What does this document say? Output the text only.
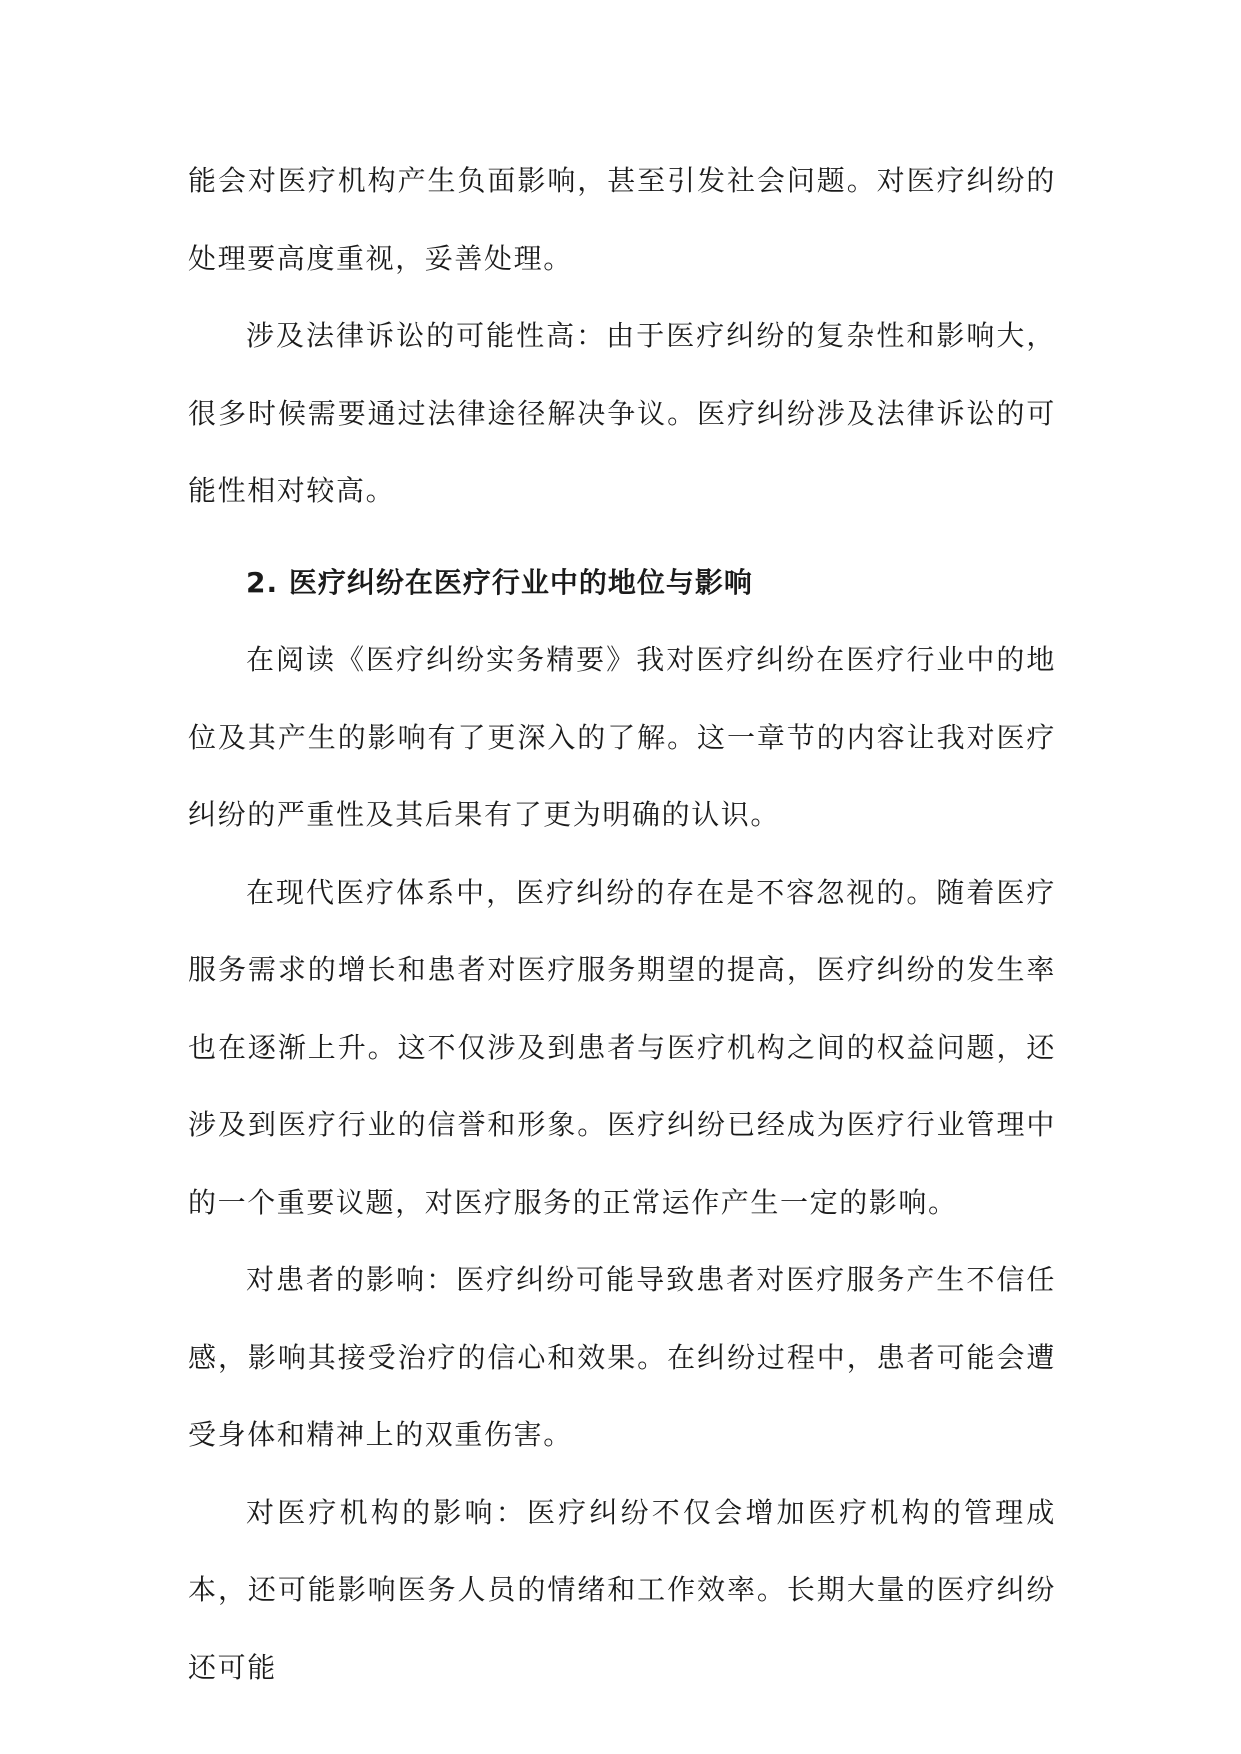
能会对医疗机构产生负面影响，甚至引发社会问题。对医疗纠纷的处理要高度重视，妥善处理。

涉及法律诉讼的可能性高：由于医疗纠纷的复杂性和影响大，很多时候需要通过法律途径解决争议。医疗纠纷涉及法律诉讼的可能性相对较高。

2. 医疗纠纷在医疗行业中的地位与影响

在阅读《医疗纠纷实务精要》我对医疗纠纷在医疗行业中的地位及其产生的影响有了更深入的了解。这一章节的内容让我对医疗纠纷的严重性及其后果有了更为明确的认识。

在现代医疗体系中，医疗纠纷的存在是不容忽视的。随着医疗服务需求的增长和患者对医疗服务期望的提高，医疗纠纷的发生率也在逐渐上升。这不仅涉及到患者与医疗机构之间的权益问题，还涉及到医疗行业的信誉和形象。医疗纠纷已经成为医疗行业管理中的一个重要议题，对医疗服务的正常运作产生一定的影响。

对患者的影响：医疗纠纷可能导致患者对医疗服务产生不信任感，影响其接受治疗的信心和效果。在纠纷过程中，患者可能会遭受身体和精神上的双重伤害。

对医疗机构的影响：医疗纠纷不仅会增加医疗机构的管理成本，还可能影响医务人员的情绪和工作效率。长期大量的医疗纠纷还可能
